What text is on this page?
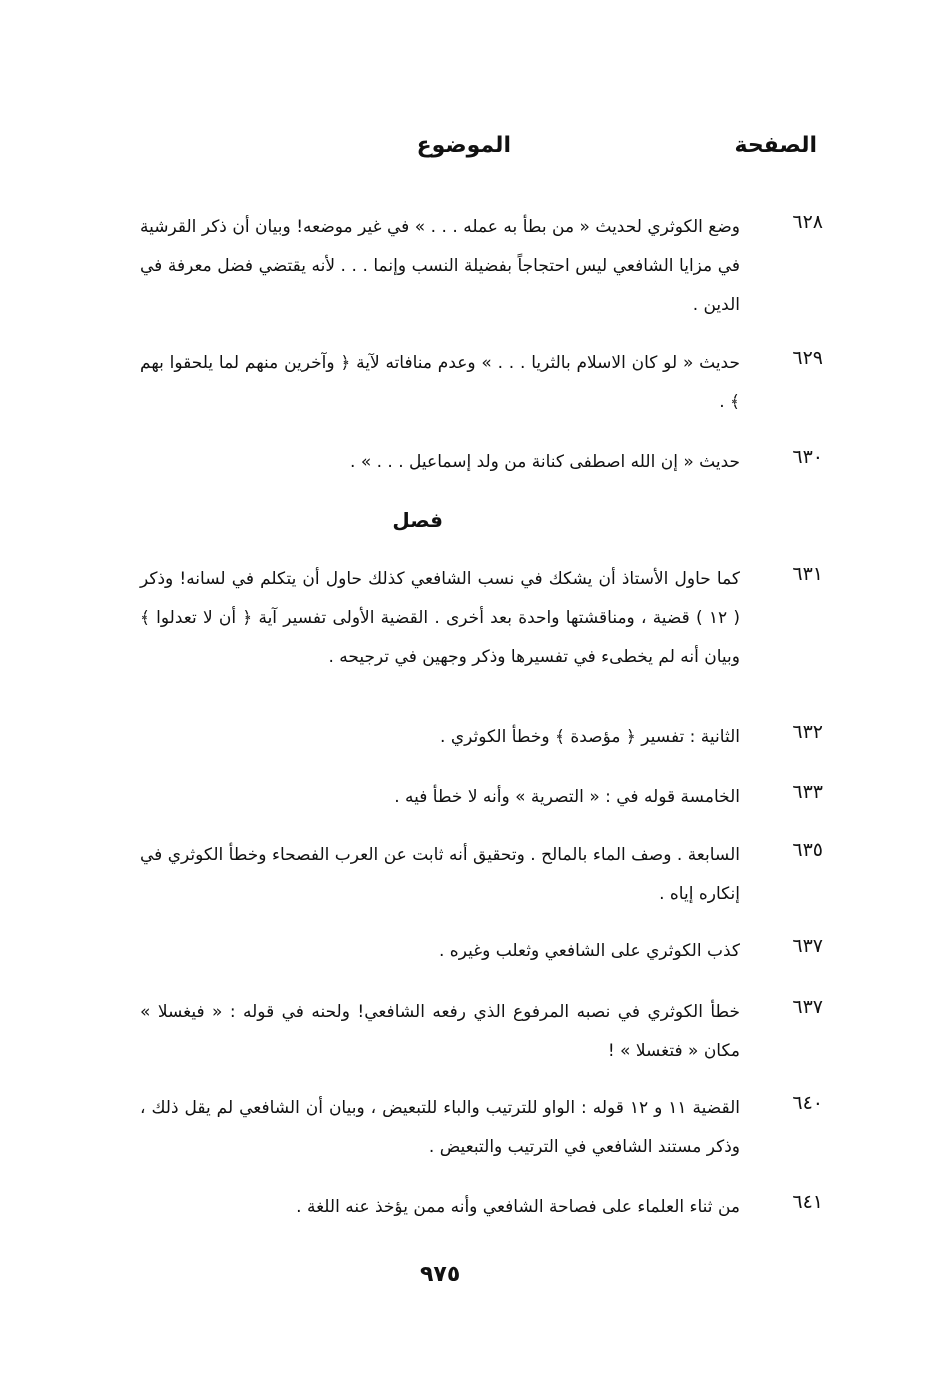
الصفحة
الموضوع
٦٢٨
وضع الكوثري لحديث « من بطأ به عمله . . . » في غير موضعه! وبيان أن ذكر القرشية في مزايا الشافعي ليس احتجاجاً بفضيلة النسب وإنما . . . لأنه يقتضي فضل معرفة في الدين .
٦٢٩
حديث « لو كان الاسلام بالثريا . . . » وعدم منافاته لآية ﴿ وآخرين منهم لما يلحقوا بهم ﴾ .
٦٣٠
حديث « إن الله اصطفى كنانة من ولد إسماعيل . . . » .
فصل
٦٣١
كما حاول الأستاذ أن يشكك في نسب الشافعي كذلك حاول أن يتكلم في لسانه! وذكر ( ١٢ ) قضية ، ومناقشتها واحدة بعد أخرى . القضية الأولى تفسير آية ﴿ أن لا تعدلوا ﴾ وبيان أنه لم يخطىء في تفسيرها وذكر وجهين في ترجيحه .
٦٣٢
الثانية : تفسير ﴿ مؤصدة ﴾ وخطأ الكوثري .
٦٣٣
الخامسة قوله في : « التصرية » وأنه لا خطأ فيه .
٦٣٥
السابعة . وصف الماء بالمالح . وتحقيق أنه ثابت عن العرب الفصحاء وخطأ الكوثري في إنكاره إياه .
٦٣٧
كذب الكوثري على الشافعي وثعلب وغيره .
٦٣٧
خطأ الكوثري في نصبه المرفوع الذي رفعه الشافعي! ولحنه في قوله : « فيغسلا » مكان « فتغسلا » !
٦٤٠
القضية ١١ و ١٢ قوله : الواو للترتيب والباء للتبعيض ، وبيان أن الشافعي لم يقل ذلك ، وذكر مستند الشافعي في الترتيب والتبعيض .
٦٤١
من ثناء العلماء على فصاحة الشافعي وأنه ممن يؤخذ عنه اللغة .
٩٧٥
